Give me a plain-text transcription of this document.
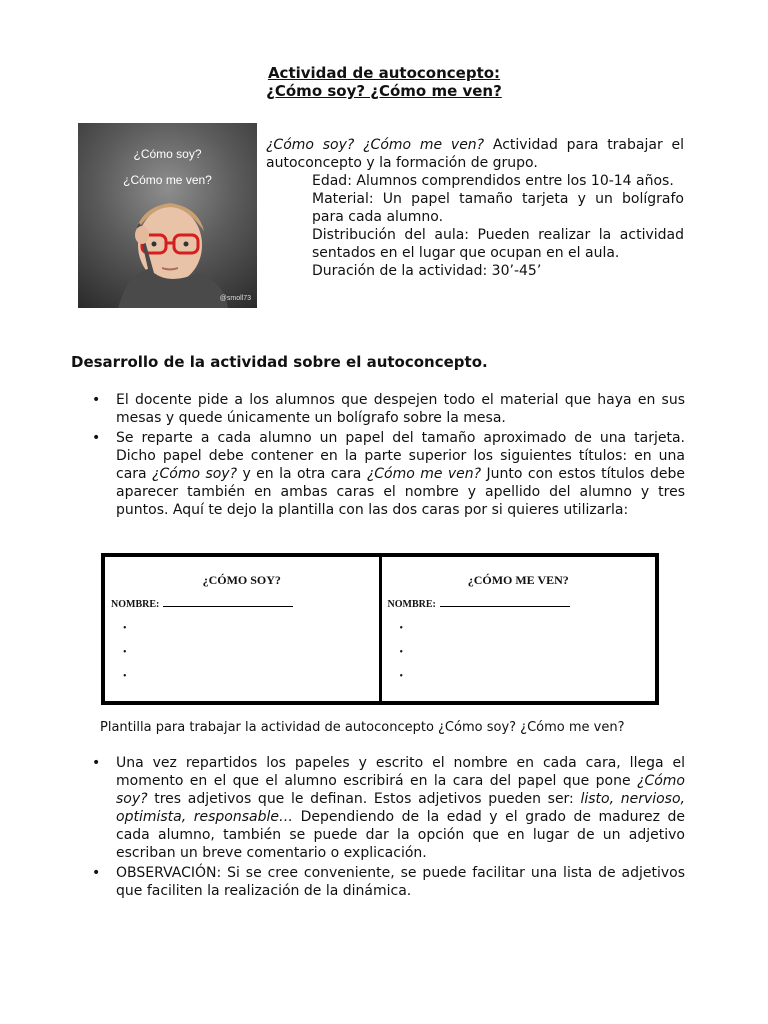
Actividad de autoconcepto:
¿Cómo soy? ¿Cómo me ven?
¿Cómo soy?
¿Cómo me ven?
@smoll73

¿Cómo soy? ¿Cómo me ven? Actividad para trabajar el autoconcepto y la formación de grupo.

Edad: Alumnos comprendidos entre los 10-14 años.

Material: Un papel tamaño tarjeta y un bolígrafo para cada alumno.

Distribución del aula: Pueden realizar la actividad sentados en el lugar que ocupan en el aula.

Duración de la actividad: 30’-45’

Desarrollo de la actividad sobre el autoconcepto.
• El docente pide a los alumnos que despejen todo el material que haya en sus mesas y quede únicamente un bolígrafo sobre la mesa.
• Se reparte a cada alumno un papel del tamaño aproximado de una tarjeta. Dicho papel debe contener en la parte superior los siguientes títulos: en una cara ¿Cómo soy? y en la otra cara ¿Cómo me ven? Junto con estos títulos debe aparecer también en ambas caras el nombre y apellido del alumno y tres puntos. Aquí te dejo la plantilla con las dos caras por si quieres utilizarla:
¿CÓMO SOY?
NOMBRE:
•
•
•
¿CÓMO ME VEN?
NOMBRE:
•
•
•
Plantilla para trabajar la actividad de autoconcepto ¿Cómo soy? ¿Cómo me ven?
• Una vez repartidos los papeles y escrito el nombre en cada cara, llega el momento en el que el alumno escribirá en la cara del papel que pone ¿Cómo soy? tres adjetivos que le definan. Estos adjetivos pueden ser: listo, nervioso, optimista, responsable… Dependiendo de la edad y el grado de madurez de cada alumno, también se puede dar la opción que en lugar de un adjetivo escriban un breve comentario o explicación.
• OBSERVACIÓN: Si se cree conveniente, se puede facilitar una lista de adjetivos que faciliten la realización de la dinámica.
